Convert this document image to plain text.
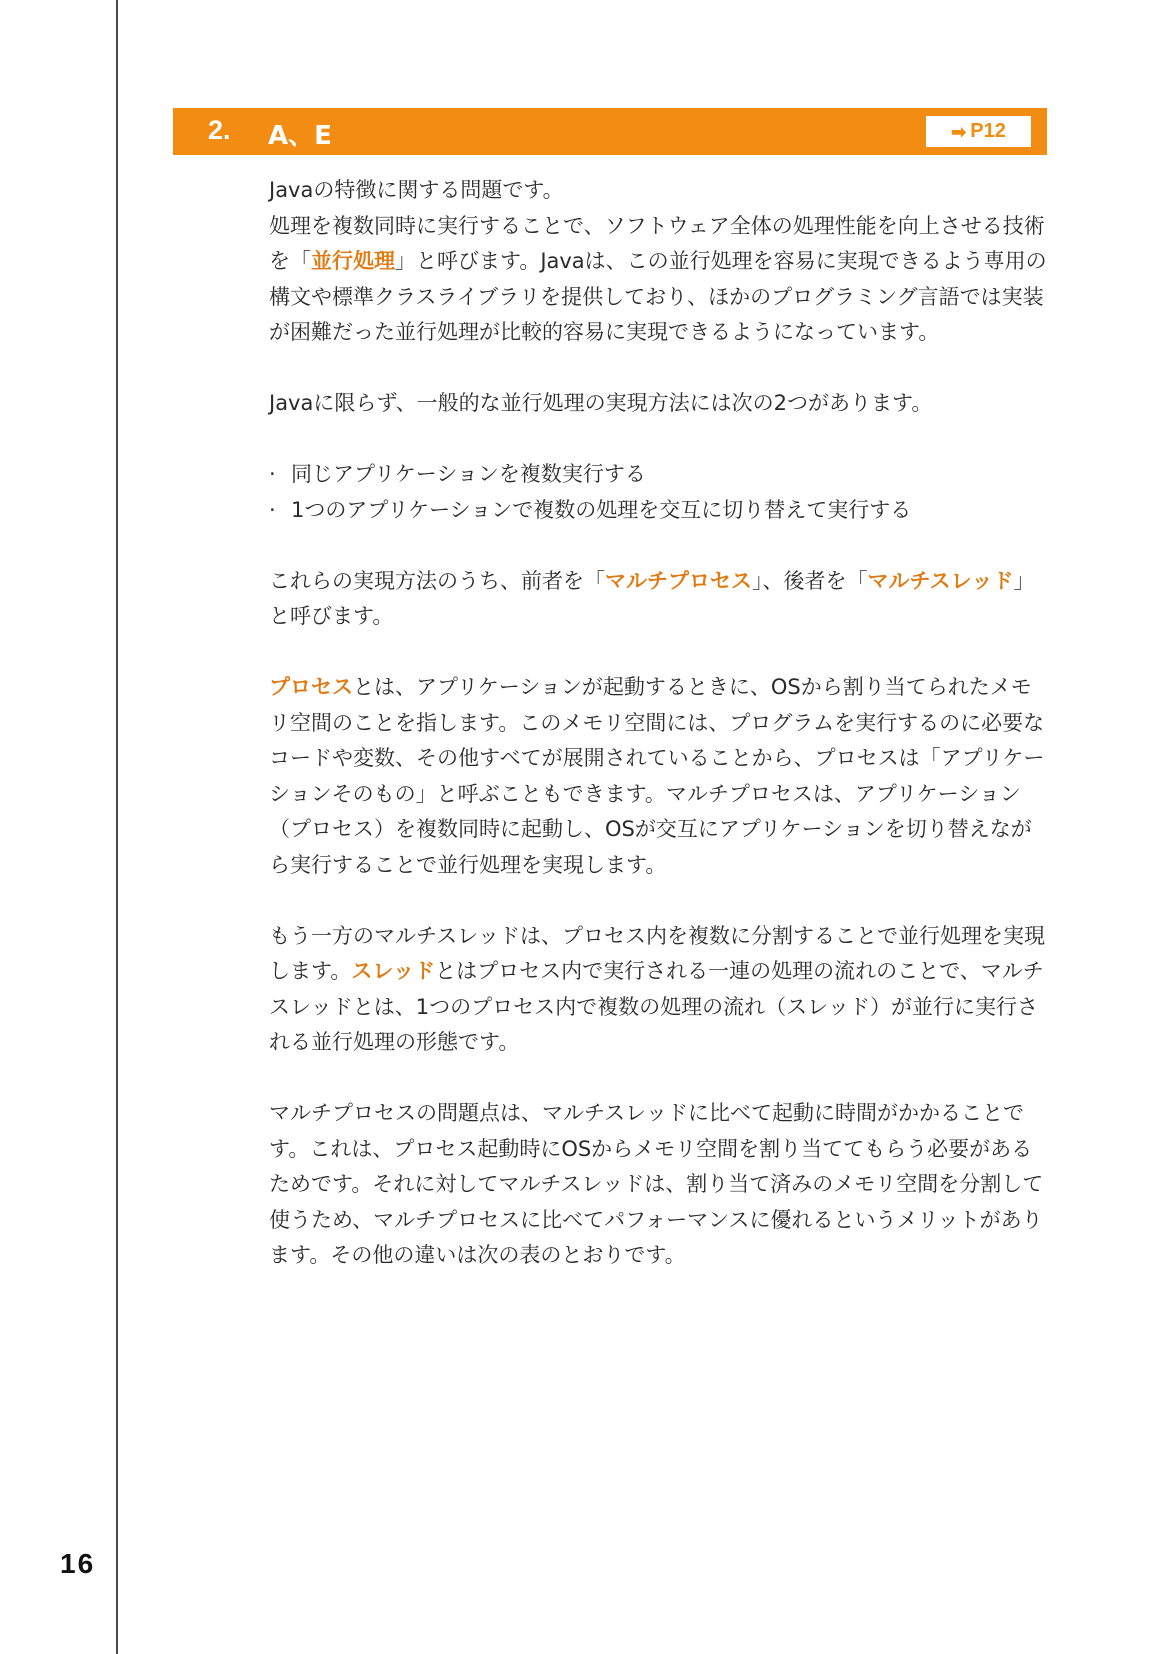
2. A、E	➡ P12

Javaの特徴に関する問題です。

処理を複数同時に実行することで、ソフトウェア全体の処理性能を向上させる技術を「並行処理」と呼びます。Javaは、この並行処理を容易に実現できるよう専用の構文や標準クラスライブラリを提供しており、ほかのプログラミング言語では実装が困難だった並行処理が比較的容易に実現できるようになっています。

Javaに限らず、一般的な並行処理の実現方法には次の2つがあります。

· 同じアプリケーションを複数実行する
· 1つのアプリケーションで複数の処理を交互に切り替えて実行する

これらの実現方法のうち、前者を「マルチプロセス」、後者を「マルチスレッド」と呼びます。

プロセスとは、アプリケーションが起動するときに、OSから割り当てられたメモリ空間のことを指します。このメモリ空間には、プログラムを実行するのに必要なコードや変数、その他すべてが展開されていることから、プロセスは「アプリケーションそのもの」と呼ぶこともできます。マルチプロセスは、アプリケーション（プロセス）を複数同時に起動し、OSが交互にアプリケーションを切り替えながら実行することで並行処理を実現します。

もう一方のマルチスレッドは、プロセス内を複数に分割することで並行処理を実現します。スレッドとはプロセス内で実行される一連の処理の流れのことで、マルチスレッドとは、1つのプロセス内で複数の処理の流れ（スレッド）が並行に実行される並行処理の形態です。

マルチプロセスの問題点は、マルチスレッドに比べて起動に時間がかかることです。これは、プロセス起動時にOSからメモリ空間を割り当ててもらう必要があるためです。それに対してマルチスレッドは、割り当て済みのメモリ空間を分割して使うため、マルチプロセスに比べてパフォーマンスに優れるというメリットがあります。その他の違いは次の表のとおりです。

16
